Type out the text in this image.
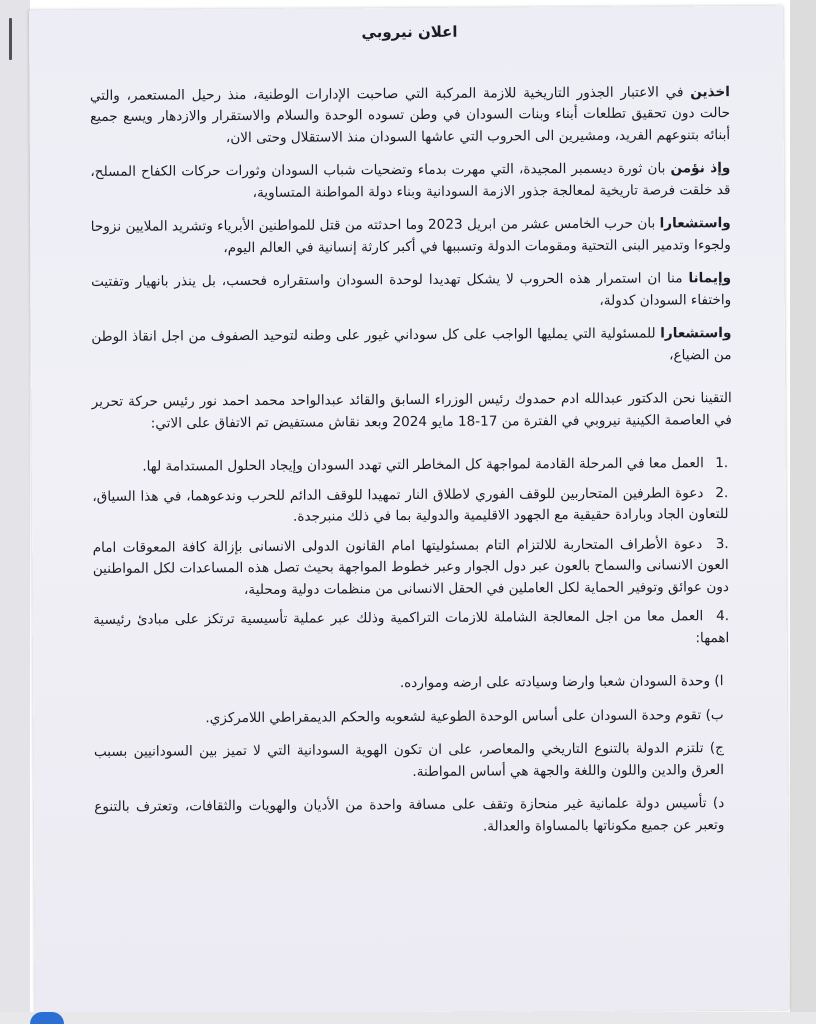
اعلان نيروبي
اخذين في الاعتبار الجذور التاريخية للازمة المركبة التي صاحبت الإدارات الوطنية، منذ رحيل المستعمر، والتي حالت دون تحقيق تطلعات أبناء وبنات السودان في وطن تسوده الوحدة والسلام والاستقرار والازدهار ويسع جميع أبنائه بتنوعهم الفريد، ومشيرين الى الحروب التي عاشها السودان منذ الاستقلال وحتى الان،
وإذ نؤمن بان ثورة ديسمبر المجيدة، التي مهرت بدماء وتضحيات شباب السودان وثورات حركات الكفاح المسلح، قد خلقت فرصة تاريخية لمعالجة جذور الازمة السودانية وبناء دولة المواطنة المتساوية،
واستشعارا بان حرب الخامس عشر من ابريل 2023 وما احدثته من قتل للمواطنين الأبرياء وتشريد الملايين نزوحا ولجوءا وتدمير البنى التحتية ومقومات الدولة وتسببها في أكبر كارثة إنسانية في العالم اليوم،
وإيمانا منا ان استمرار هذه الحروب لا يشكل تهديدا لوحدة السودان واستقراره فحسب، بل ينذر بانهيار وتفتيت واختفاء السودان كدولة،
واستشعارا للمسئولية التي يمليها الواجب على كل سوداني غيور على وطنه لتوحيد الصفوف من اجل انقاذ الوطن من الضياع،
التقينا نحن الدكتور عبدالله ادم حمدوك رئيس الوزراء السابق والقائد عبدالواحد محمد احمد نور رئيس حركة تحرير في العاصمة الكينية نيروبي في الفترة من 17-18 مايو 2024 وبعد نقاش مستفيض تم الاتفاق على الاتي:
.1 العمل معا في المرحلة القادمة لمواجهة كل المخاطر التي تهدد السودان وإيجاد الحلول المستدامة لها.
.2 دعوة الطرفين المتحاربين للوقف الفوري لاطلاق النار تمهيدا للوقف الدائم للحرب وندعوهما، في هذا السياق، للتعاون الجاد وبارادة حقيقية مع الجهود الاقليمية والدولية بما في ذلك منبرجدة.
.3 دعوة الأطراف المتحاربة للالتزام التام بمسئوليتها امام القانون الدولى الانسانى بإزالة كافة المعوقات امام العون الانسانى والسماح بالعون عبر دول الجوار وعبر خطوط المواجهة بحيث تصل هذه المساعدات لكل المواطنين دون عوائق وتوفير الحماية لكل العاملين في الحقل الانسانى من منظمات دولية ومحلية،
.4 العمل معا من اجل المعالجة الشاملة للازمات التراكمية وذلك عبر عملية تأسيسية ترتكز على مبادئ رئيسية اهمها:
ا) وحدة السودان شعبا وارضا وسيادته على ارضه وموارده.
ب) تقوم وحدة السودان على أساس الوحدة الطوعية لشعوبه والحكم الديمقراطي اللامركزي.
ج) تلتزم الدولة بالتنوع التاريخي والمعاصر، على ان تكون الهوية السودانية التي لا تميز بين السودانيين بسبب العرق والدين واللون واللغة والجهة هي أساس المواطنة.
د) تأسيس دولة علمانية غير منحازة وتقف على مسافة واحدة من الأديان والهويات والثقافات، وتعترف بالتنوع وتعبر عن جميع مكوناتها بالمساواة والعدالة.
